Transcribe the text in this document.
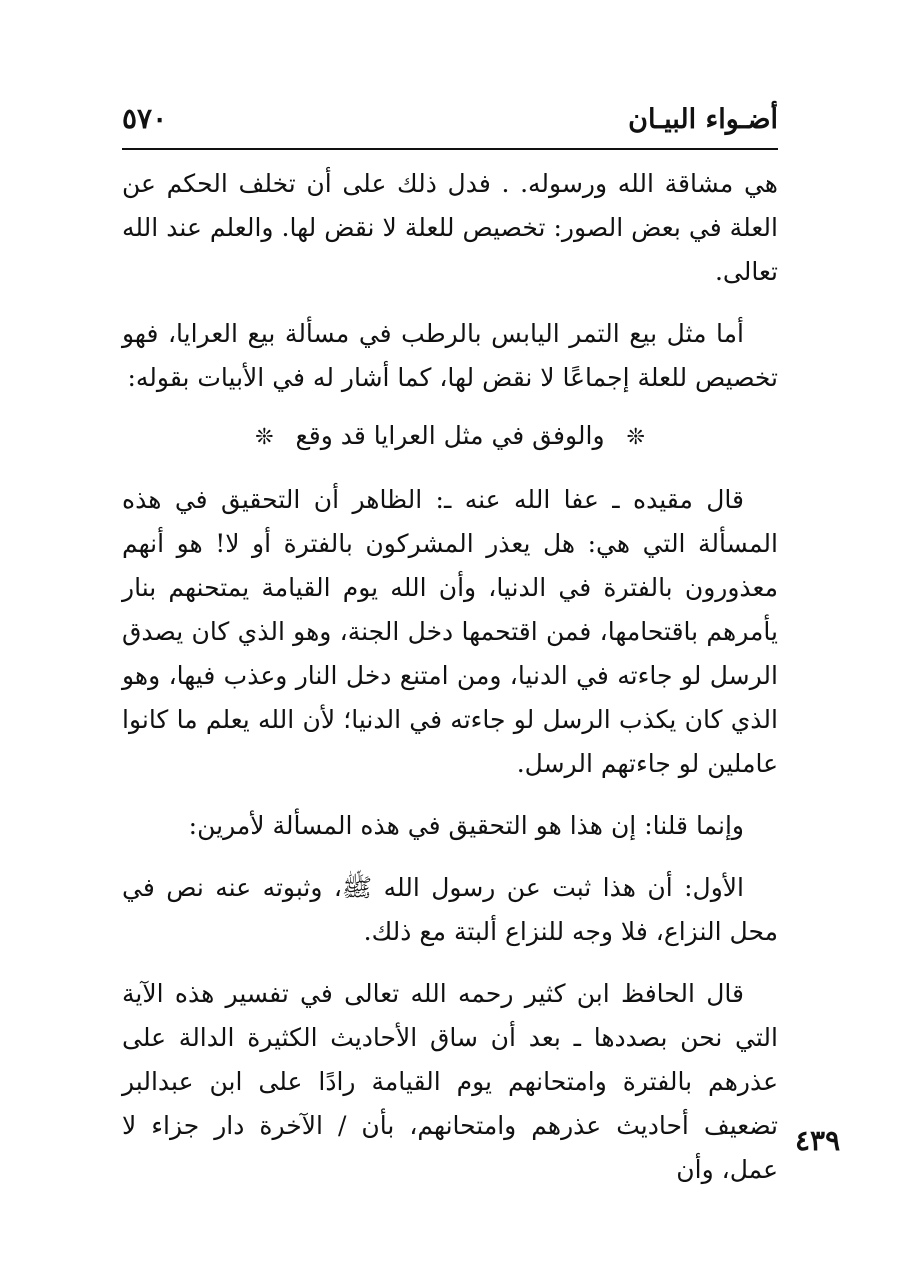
أضـواء البيـان
٥٧٠

هي مشاقة الله ورسوله. . فدل ذلك على أن تخلف الحكم عن العلة في بعض الصور: تخصيص للعلة لا نقض لها. والعلم عند الله تعالى.

أما مثل بيع التمر اليابس بالرطب في مسألة بيع العرايا، فهو تخصيص للعلة إجماعًا لا نقض لها، كما أشار له في الأبيات بقوله:

❊ والوفق في مثل العرايا قد وقع ❊

قال مقيده ـ عفا الله عنه ـ: الظاهر أن التحقيق في هذه المسألة التي هي: هل يعذر المشركون بالفترة أو لا! هو أنهم معذورون بالفترة في الدنيا، وأن الله يوم القيامة يمتحنهم بنار يأمرهم باقتحامها، فمن اقتحمها دخل الجنة، وهو الذي كان يصدق الرسل لو جاءته في الدنيا، ومن امتنع دخل النار وعذب فيها، وهو الذي كان يكذب الرسل لو جاءته في الدنيا؛ لأن الله يعلم ما كانوا عاملين لو جاءتهم الرسل.

وإنما قلنا: إن هذا هو التحقيق في هذه المسألة لأمرين:

الأول: أن هذا ثبت عن رسول الله ﷺ، وثبوته عنه نص في محل النزاع، فلا وجه للنزاع ألبتة مع ذلك.

قال الحافظ ابن كثير رحمه الله تعالى في تفسير هذه الآية التي نحن بصددها ـ بعد أن ساق الأحاديث الكثيرة الدالة على عذرهم بالفترة وامتحانهم يوم القيامة رادًا على ابن عبدالبر تضعيف أحاديث عذرهم وامتحانهم، بأن / الآخرة دار جزاء لا عمل، وأن

٤٣٩
